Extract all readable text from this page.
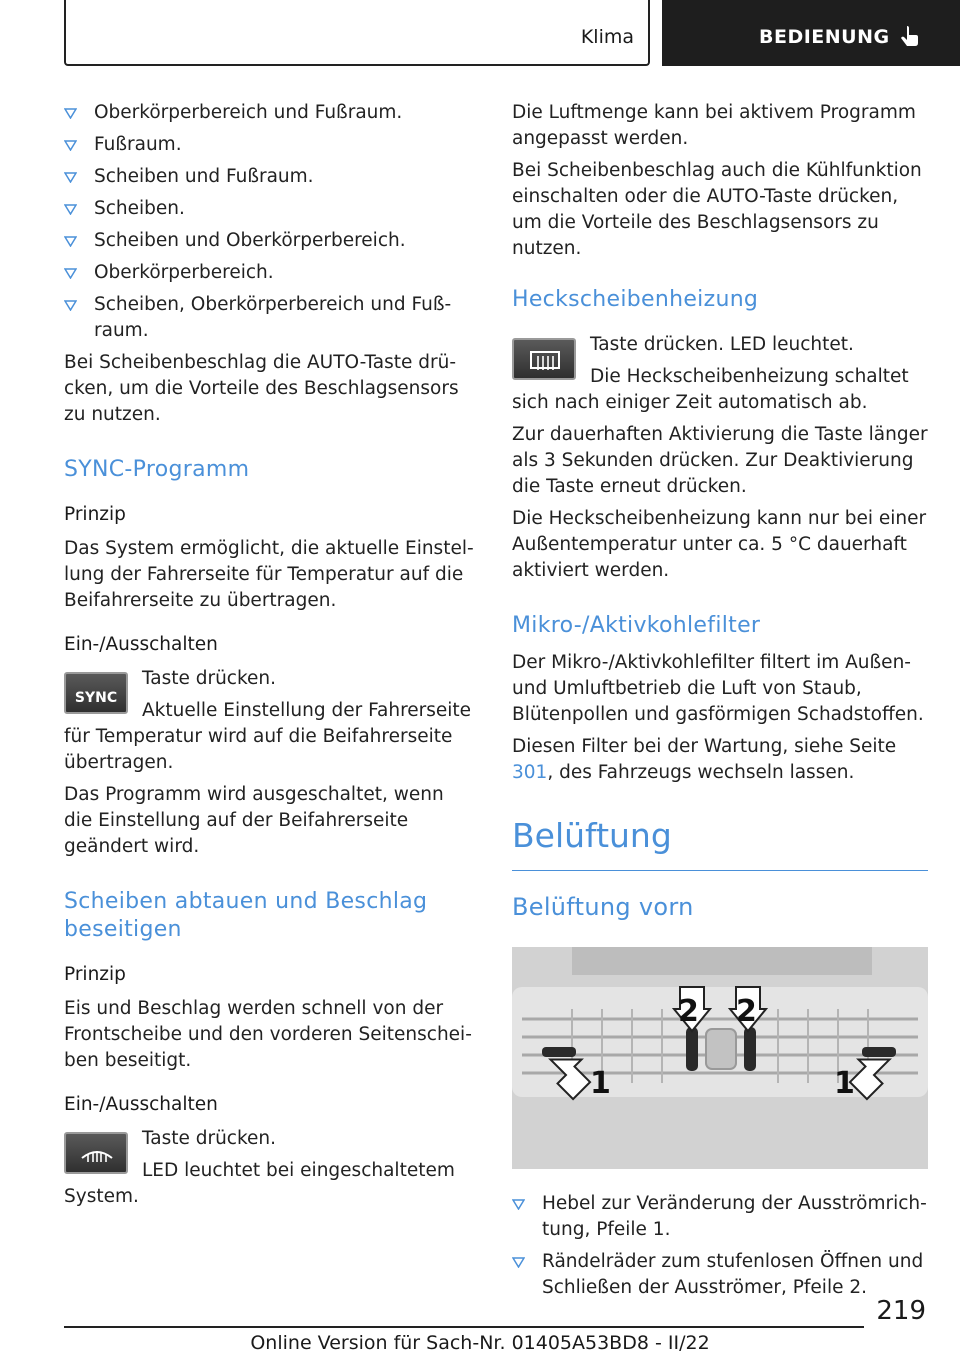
Klima	BEDIENUNG
Oberkörperbereich und Fußraum.
Fußraum.
Scheiben und Fußraum.
Scheiben.
Scheiben und Oberkörperbereich.
Oberkörperbereich.
Scheiben, Oberkörperbereich und Fußraum.

Bei Scheibenbeschlag die AUTO-Taste drücken, um die Vorteile des Beschlagsensors zu nutzen.

SYNC-Programm
Prinzip

Das System ermöglicht, die aktuelle Einstellung der Fahrerseite für Temperatur auf die Beifahrerseite zu übertragen.

Ein-/Ausschalten
SYNC

Taste drücken.

Aktuelle Einstellung der Fahrerseite für Temperatur wird auf die Beifahrerseite übertragen.

Das Programm wird ausgeschaltet, wenn die Einstellung auf der Beifahrerseite geändert wird.

Scheiben abtauen und Beschlag beseitigen
Prinzip

Eis und Beschlag werden schnell von der Frontscheibe und den vorderen Seitenscheiben beseitigt.

Ein-/Ausschalten

Taste drücken.

LED leuchtet bei eingeschaltetem System.

Die Luftmenge kann bei aktivem Programm angepasst werden.

Bei Scheibenbeschlag auch die Kühlfunktion einschalten oder die AUTO-Taste drücken, um die Vorteile des Beschlagsensors zu nutzen.

Heckscheibenheizung

Taste drücken. LED leuchtet.

Die Heckscheibenheizung schaltet sich nach einiger Zeit automatisch ab.

Zur dauerhaften Aktivierung die Taste länger als 3 Sekunden drücken. Zur Deaktivierung die Taste erneut drücken.

Die Heckscheibenheizung kann nur bei einer Außentemperatur unter ca. 5 °C dauerhaft aktiviert werden.

Mikro-/Aktivkohlefilter

Der Mikro-/Aktivkohlefilter filtert im Außen- und Umluftbetrieb die Luft von Staub, Blütenpollen und gasförmigen Schadstoffen.

Diesen Filter bei der Wartung, siehe Seite 301, des Fahrzeugs wechseln lassen.

Belüftung
Belüftung vorn
2 2
1	1
Hebel zur Veränderung der Ausströmrichtung, Pfeile 1.
Rändelräder zum stufenlosen Öffnen und Schließen der Ausströmer, Pfeile 2.
219
Online Version für Sach-Nr. 01405A53BD8 - II/22
